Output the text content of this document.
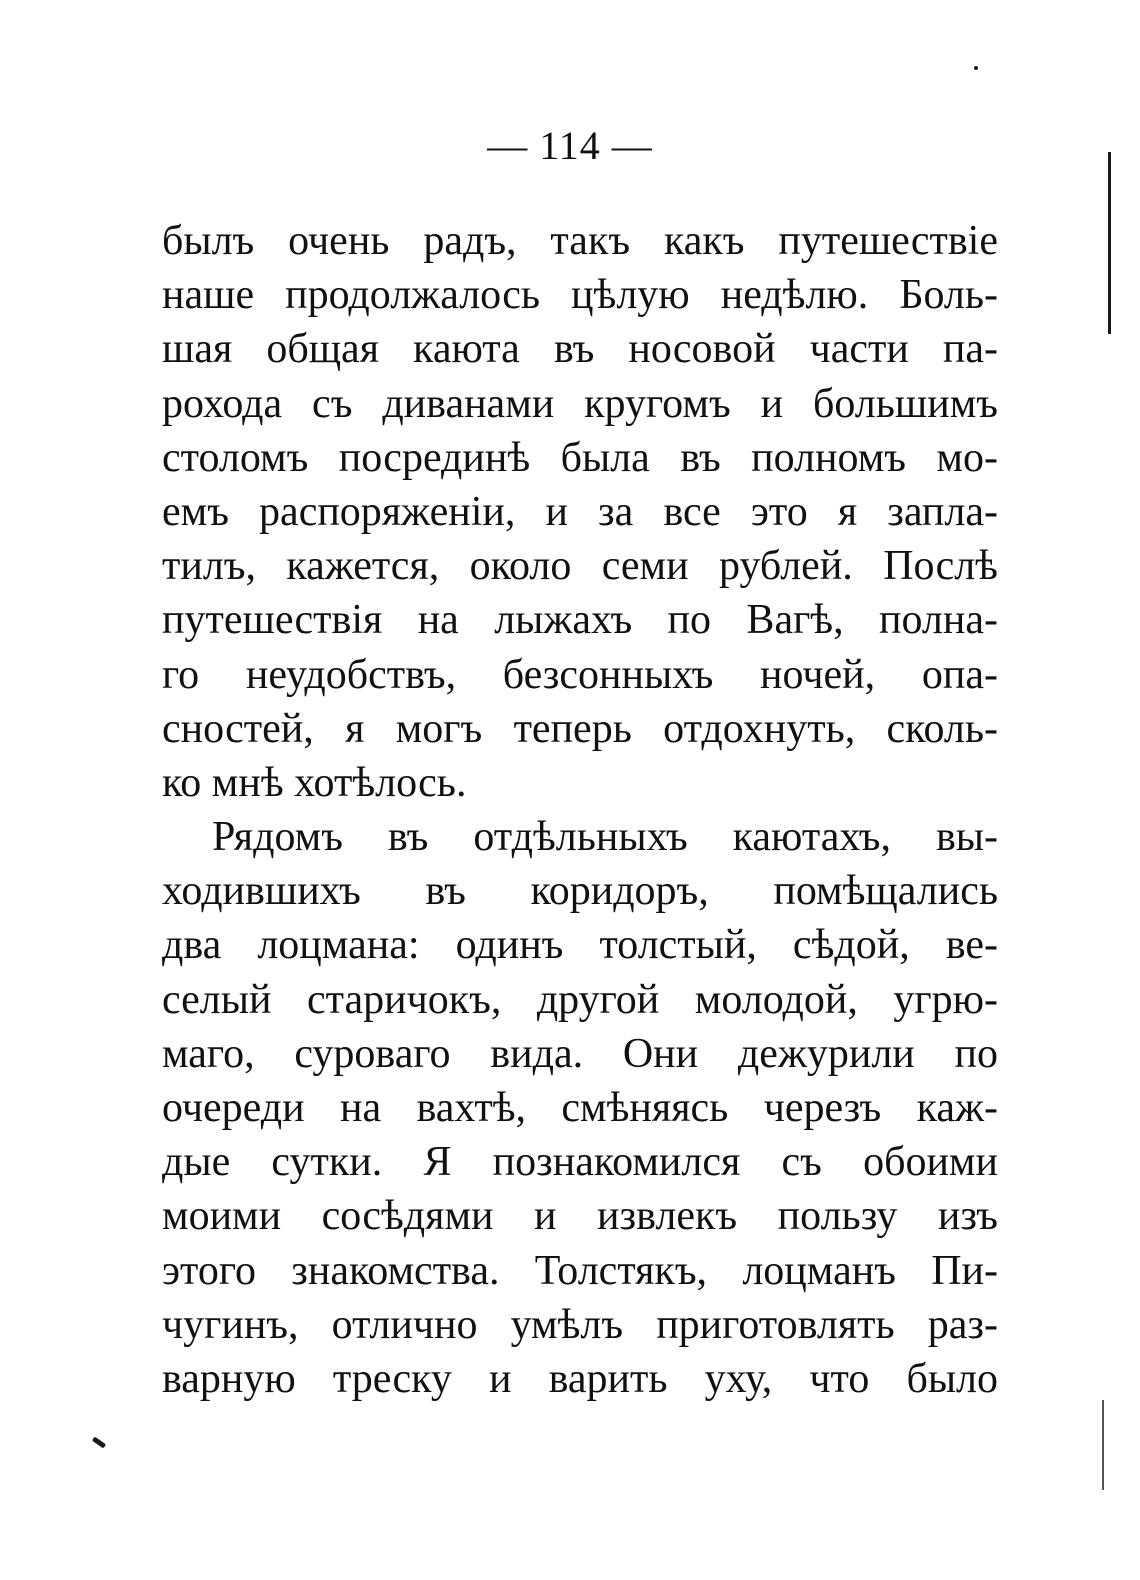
— 114 —
былъ очень радъ, такъ какъ путешествіе
наше продолжалось цѣлую недѣлю. Боль-
шая общая каюта въ носовой части па-
рохода съ диванами кругомъ и большимъ
столомъ посрединѣ была въ полномъ мо-
емъ распоряженіи, и за все это я запла-
тилъ, кажется, около семи рублей. Послѣ
путешествія на лыжахъ по Вагѣ, полна-
го неудобствъ, безсонныхъ ночей, опа-
сностей, я могъ теперь отдохнуть, сколь-
ко мнѣ хотѣлось.
Рядомъ въ отдѣльныхъ каютахъ, вы-
ходившихъ въ коридоръ, помѣщались
два лоцмана: одинъ толстый, сѣдой, ве-
селый старичокъ, другой молодой, угрю-
маго, суроваго вида. Они дежурили по
очереди на вахтѣ, смѣняясь черезъ каж-
дые сутки. Я познакомился съ обоими
моими сосѣдями и извлекъ пользу изъ
этого знакомства. Толстякъ, лоцманъ Пи-
чугинъ, отлично умѣлъ приготовлять раз-
варную треску и варить уху, что было
